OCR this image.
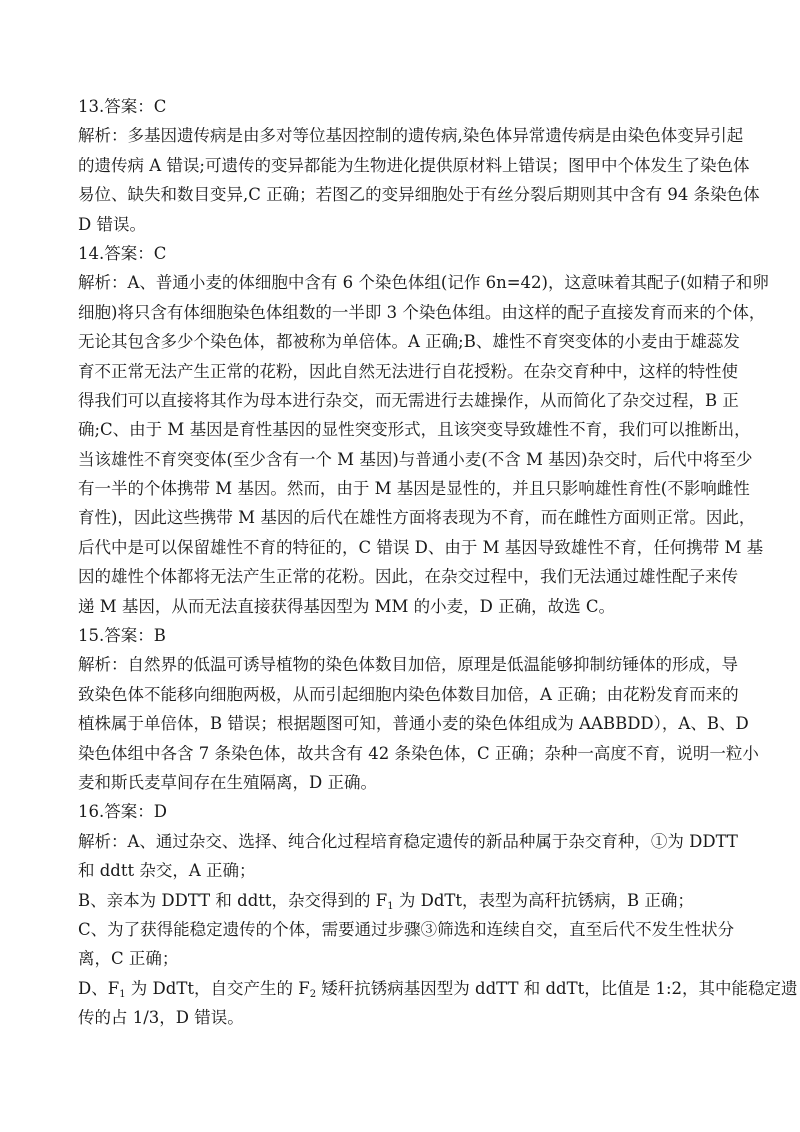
13.答案：C
解析：多基因遗传病是由多对等位基因控制的遗传病,染色体异常遗传病是由染色体变异引起
的遗传病 A 错误;可遗传的变异都能为生物进化提供原材料上错误；图甲中个体发生了染色体
易位、缺失和数目变异,C 正确；若图乙的变异细胞处于有丝分裂后期则其中含有 94 条染色体
D 错误。
14.答案：C
解析：A、普通小麦的体细胞中含有 6 个染色体组(记作 6n=42)，这意味着其配子(如精子和卵
细胞)将只含有体细胞染色体组数的一半即 3 个染色体组。由这样的配子直接发育而来的个体，
无论其包含多少个染色体，都被称为单倍体。A 正确;B、雄性不育突变体的小麦由于雄蕊发
育不正常无法产生正常的花粉，因此自然无法进行自花授粉。在杂交育种中，这样的特性使
得我们可以直接将其作为母本进行杂交，而无需进行去雄操作，从而简化了杂交过程，B 正
确;C、由于 M 基因是育性基因的显性突变形式，且该突变导致雄性不育，我们可以推断出，
当该雄性不育突变体(至少含有一个 M 基因)与普通小麦(不含 M 基因)杂交时，后代中将至少
有一半的个体携带 M 基因。然而，由于 M 基因是显性的，并且只影响雄性育性(不影响雌性
育性)，因此这些携带 M 基因的后代在雄性方面将表现为不育，而在雌性方面则正常。因此，
后代中是可以保留雄性不育的特征的，C 错误 D、由于 M 基因导致雄性不育，任何携带 M 基
因的雄性个体都将无法产生正常的花粉。因此，在杂交过程中，我们无法通过雄性配子来传
递 M 基因，从而无法直接获得基因型为 MM 的小麦，D 正确，故选 C。
15.答案：B
解析：自然界的低温可诱导植物的染色体数目加倍，原理是低温能够抑制纺锤体的形成，导
致染色体不能移向细胞两极，从而引起细胞内染色体数目加倍，A 正确；由花粉发育而来的
植株属于单倍体，B 错误；根据题图可知，普通小麦的染色体组成为 AABBDD），A、B、D
染色体组中各含 7 条染色体，故共含有 42 条染色体，C 正确；杂种一高度不育，说明一粒小
麦和斯氏麦草间存在生殖隔离，D 正确。
16.答案：D
解析：A、通过杂交、选择、纯合化过程培育稳定遗传的新品种属于杂交育种，①为 DDTT
和 ddtt 杂交，A 正确；
B、亲本为 DDTT 和 ddtt，杂交得到的 $F_1$ 为 DdTt，表型为高秆抗锈病，B 正确；
C、为了获得能稳定遗传的个体，需要通过步骤③筛选和连续自交，直至后代不发生性状分
离，C 正确；
D、$F_1$ 为 DdTt，自交产生的 $F_2$ 矮秆抗锈病基因型为 ddTT 和 ddTt，比值是 1:2，其中能稳定遗
传的占 1/3，D 错误。
